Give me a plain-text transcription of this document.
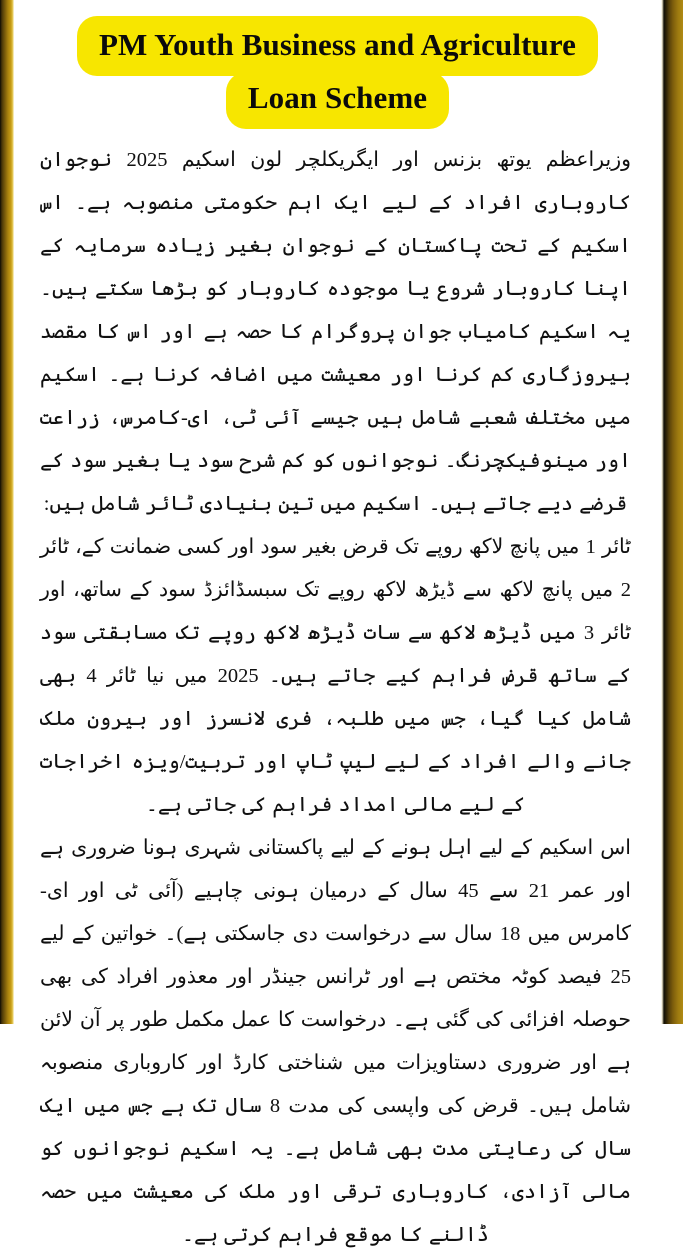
PM Youth Business and Agriculture
Loan Scheme

وزیراعظم یوتھ بزنس اور ایگریکلچر لون اسکیم 2025 نوجوان کاروباری افراد کے لیے ایک اہم حکومتی منصوبہ ہے۔ اس اسکیم کے تحت پاکستان کے نوجوان بغیر زیادہ سرمایہ کے اپنا کاروبار شروع یا موجودہ کاروبار کو بڑھا سکتے ہیں۔ یہ اسکیم کامیاب جوان پروگرام کا حصہ ہے اور اس کا مقصد بیروزگاری کم کرنا اور معیشت میں اضافہ کرنا ہے۔ اسکیم میں مختلف شعبے شامل ہیں جیسے آئی ٹی، ای-کامرس، زراعت اور مینوفیکچرنگ۔ نوجوانوں کو کم شرح سود یا بغیر سود کے قرضے دیے جاتے ہیں۔ اسکیم میں تین بنیادی ٹائر شامل ہیں:

ٹائر 1 میں پانچ لاکھ روپے تک قرض بغیر سود اور کسی ضمانت کے، ٹائر 2 میں پانچ لاکھ سے ڈیڑھ لاکھ روپے تک سبسڈائزڈ سود کے ساتھ، اور ٹائر 3 میں ڈیڑھ لاکھ سے سات ڈیڑھ لاکھ روپے تک مسابقتی سود کے ساتھ قرض فراہم کیے جاتے ہیں۔ 2025 میں نیا ٹائر 4 بھی شامل کیا گیا، جس میں طلبہ، فری لانسرز اور بیرون ملک جانے والے افراد کے لیے لیپ ٹاپ اور تربیت/ویزہ اخراجات کے لیے مالی امداد فراہم کی جاتی ہے۔

اس اسکیم کے لیے اہل ہونے کے لیے پاکستانی شہری ہونا ضروری ہے اور عمر 21 سے 45 سال کے درمیان ہونی چاہیے (آئی ٹی اور ای-کامرس میں 18 سال سے درخواست دی جاسکتی ہے)۔ خواتین کے لیے 25 فیصد کوٹہ مختص ہے اور ٹرانس جینڈر اور معذور افراد کی بھی حوصلہ افزائی کی گئی ہے۔ درخواست کا عمل مکمل طور پر آن لائن ہے اور ضروری دستاویزات میں شناختی کارڈ اور کاروباری منصوبہ شامل ہیں۔ قرض کی واپسی کی مدت 8 سال تک ہے جس میں ایک سال کی رعایتی مدت بھی شامل ہے۔ یہ اسکیم نوجوانوں کو مالی آزادی، کاروباری ترقی اور ملک کی معیشت میں حصہ ڈالنے کا موقع فراہم کرتی ہے۔
